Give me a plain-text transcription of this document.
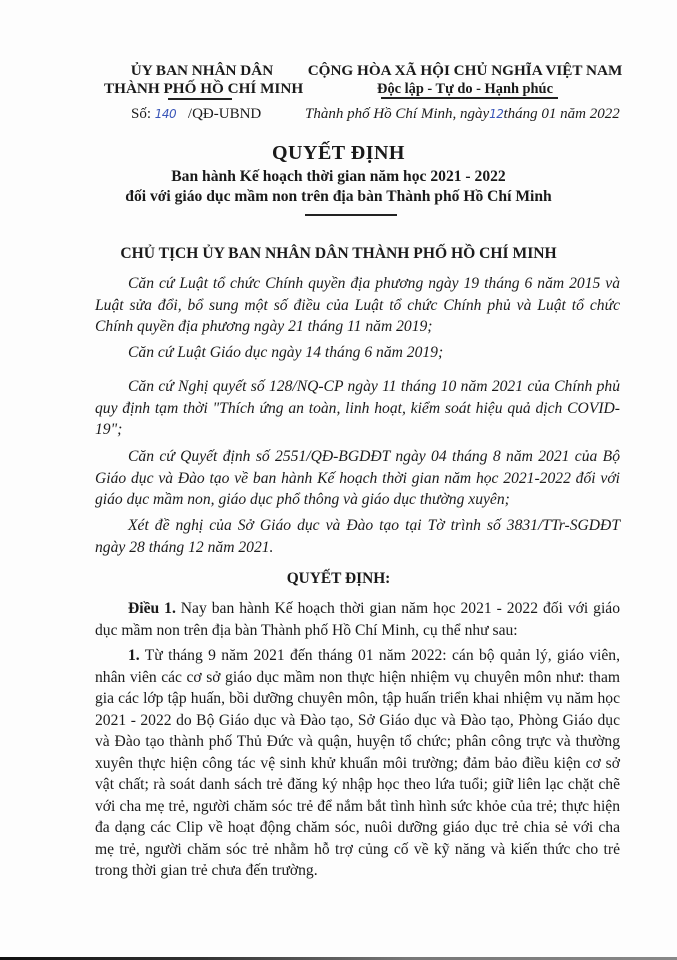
ỦY BAN NHÂN DÂN
THÀNH PHỐ HỒ CHÍ MINH
CỘNG HÒA XÃ HỘI CHỦ NGHĨA VIỆT NAM
Độc lập - Tự do - Hạnh phúc
Số: 140 /QĐ-UBND	Thành phố Hồ Chí Minh, ngày12tháng 01 năm 2022
QUYẾT ĐỊNH
Ban hành Kế hoạch thời gian năm học 2021 - 2022
đối với giáo dục mầm non trên địa bàn Thành phố Hồ Chí Minh
CHỦ TỊCH ỦY BAN NHÂN DÂN THÀNH PHỐ HỒ CHÍ MINH
Căn cứ Luật tổ chức Chính quyền địa phương ngày 19 tháng 6 năm 2015 và Luật sửa đổi, bổ sung một số điều của Luật tổ chức Chính phủ và Luật tổ chức Chính quyền địa phương ngày 21 tháng 11 năm 2019;
Căn cứ Luật Giáo dục ngày 14 tháng 6 năm 2019;
Căn cứ Nghị quyết số 128/NQ-CP ngày 11 tháng 10 năm 2021 của Chính phủ quy định tạm thời "Thích ứng an toàn, linh hoạt, kiểm soát hiệu quả dịch COVID-19";
Căn cứ Quyết định số 2551/QĐ-BGDĐT ngày 04 tháng 8 năm 2021 của Bộ Giáo dục và Đào tạo về ban hành Kế hoạch thời gian năm học 2021-2022 đối với giáo dục mầm non, giáo dục phổ thông và giáo dục thường xuyên;
Xét đề nghị của Sở Giáo dục và Đào tạo tại Tờ trình số 3831/TTr-SGDĐT ngày 28 tháng 12 năm 2021.
QUYẾT ĐỊNH:
Điều 1. Nay ban hành Kế hoạch thời gian năm học 2021 - 2022 đối với giáo dục mầm non trên địa bàn Thành phố Hồ Chí Minh, cụ thể như sau:
1. Từ tháng 9 năm 2021 đến tháng 01 năm 2022: cán bộ quản lý, giáo viên, nhân viên các cơ sở giáo dục mầm non thực hiện nhiệm vụ chuyên môn như: tham gia các lớp tập huấn, bồi dưỡng chuyên môn, tập huấn triển khai nhiệm vụ năm học 2021 - 2022 do Bộ Giáo dục và Đào tạo, Sở Giáo dục và Đào tạo, Phòng Giáo dục và Đào tạo thành phố Thủ Đức và quận, huyện tổ chức; phân công trực và thường xuyên thực hiện công tác vệ sinh khử khuẩn môi trường; đảm bảo điều kiện cơ sở vật chất; rà soát danh sách trẻ đăng ký nhập học theo lứa tuổi; giữ liên lạc chặt chẽ với cha mẹ trẻ, người chăm sóc trẻ để nắm bắt tình hình sức khỏe của trẻ; thực hiện đa dạng các Clip về hoạt động chăm sóc, nuôi dưỡng giáo dục trẻ chia sẻ với cha mẹ trẻ, người chăm sóc trẻ nhằm hỗ trợ củng cố về kỹ năng và kiến thức cho trẻ trong thời gian trẻ chưa đến trường.
